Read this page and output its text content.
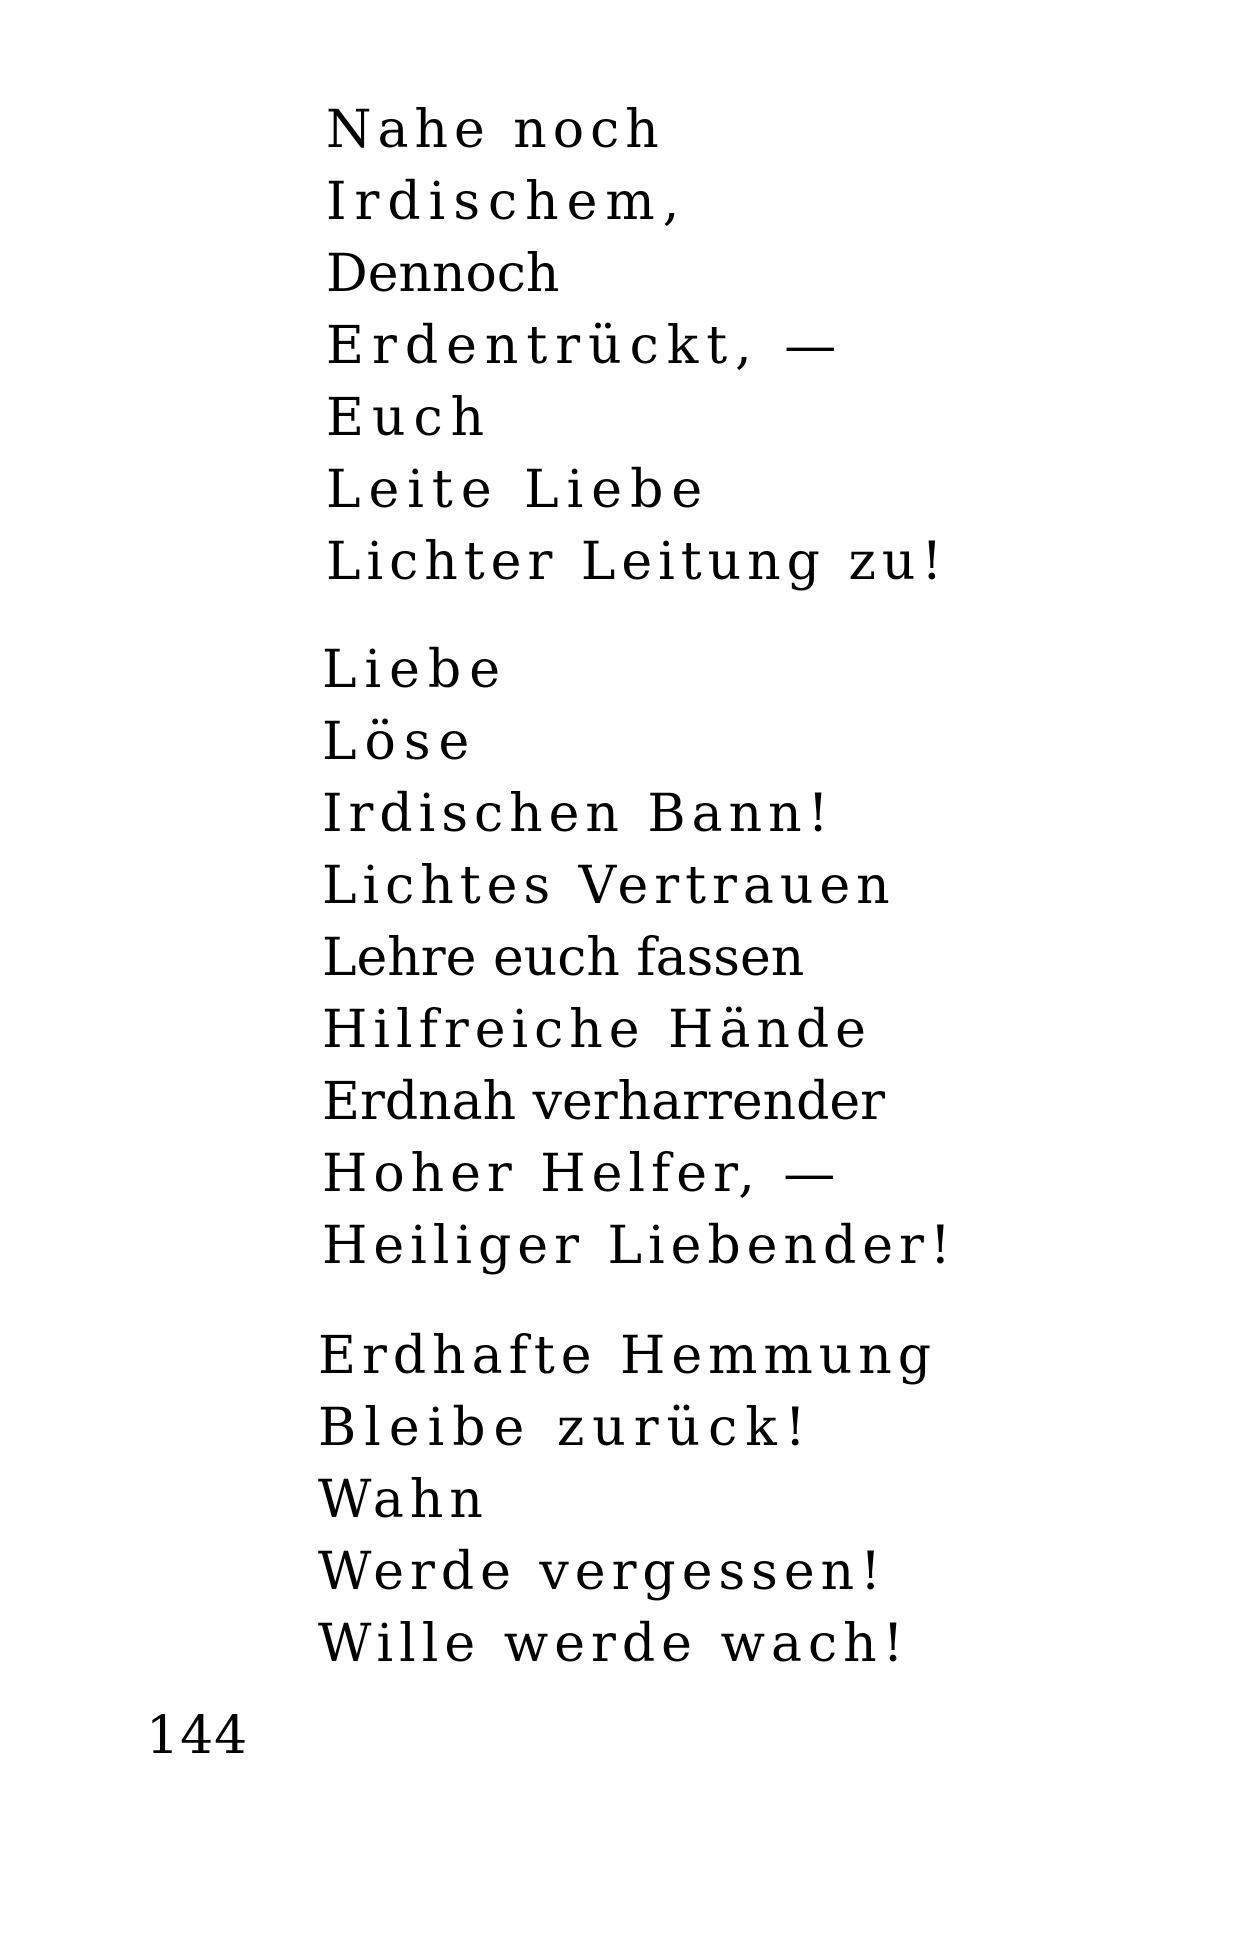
Nahe noch
Irdischem,
Dennoch
Erdentrückt, —
Euch
Leite Liebe
Lichter Leitung zu!
Liebe
Löse
Irdischen Bann!
Lichtes Vertrauen
Lehre euch fassen
Hilfreiche Hände
Erdnah verharrender
Hoher Helfer, —
Heiliger Liebender!
Erdhafte Hemmung
Bleibe zurück!
Wahn
Werde vergessen!
Wille werde wach!
144
